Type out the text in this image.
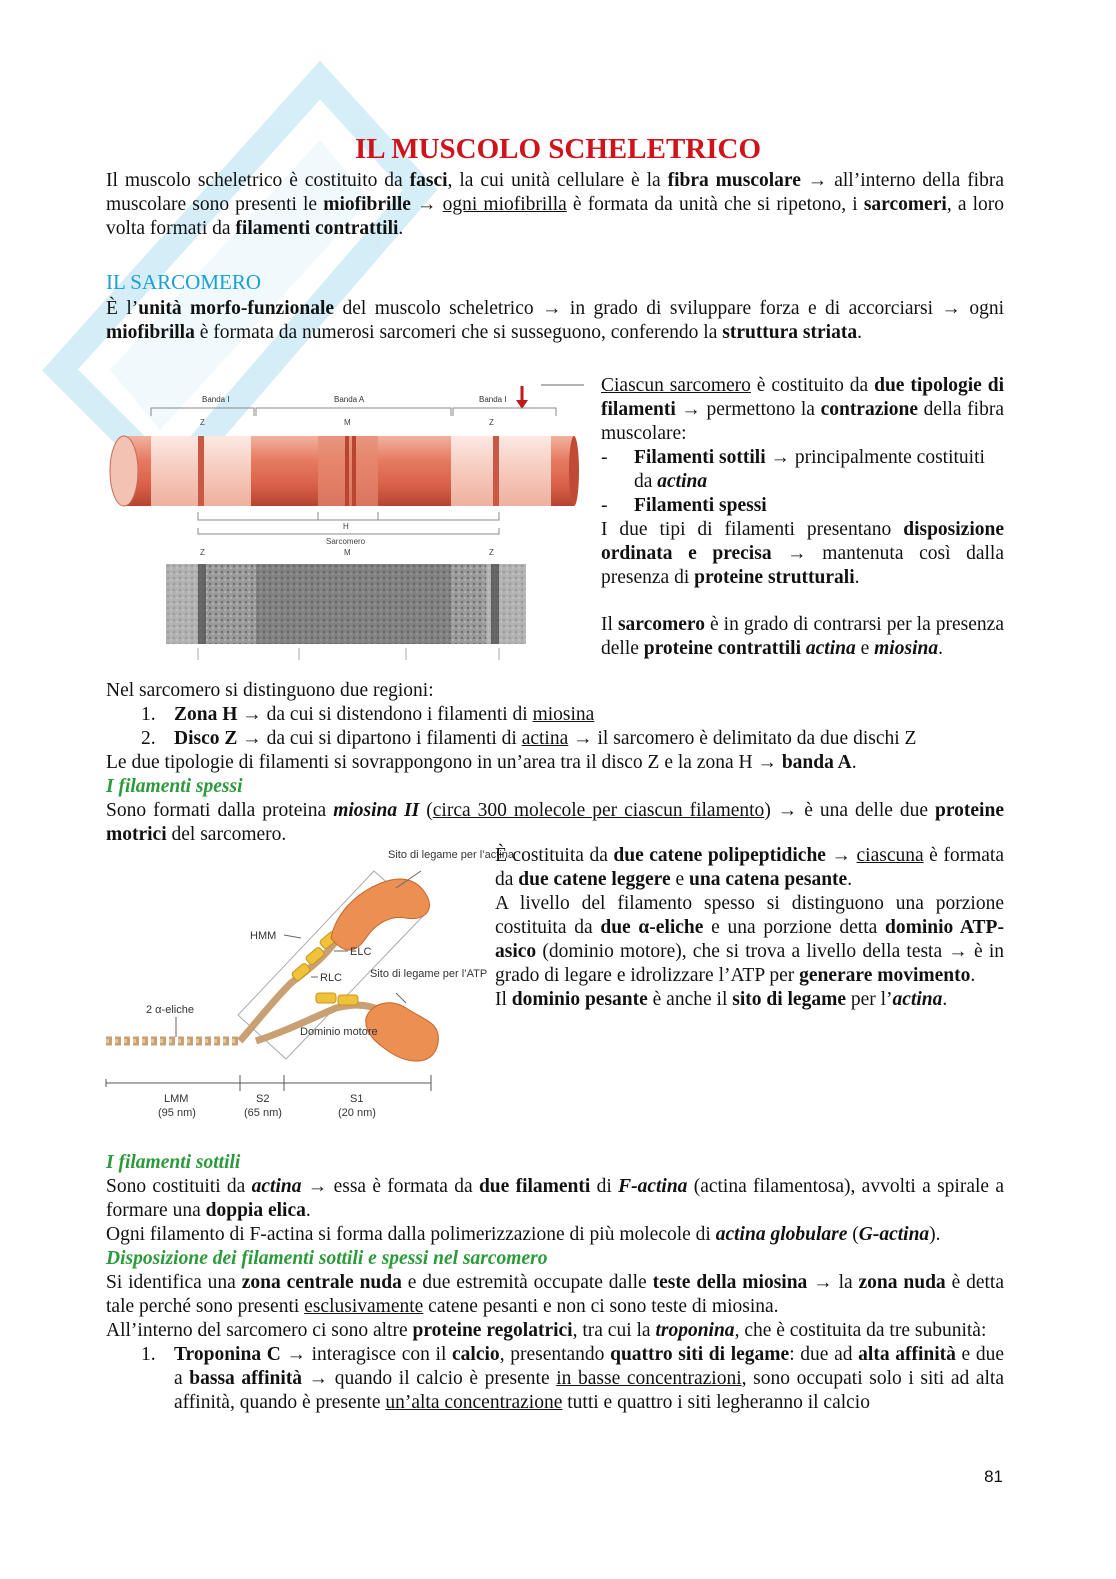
IL MUSCOLO SCHELETRICO

Il muscolo scheletrico è costituito da fasci, la cui unità cellulare è la fibra muscolare → all’interno della fibra muscolare sono presenti le miofibrille → ogni miofibrilla è formata da unità che si ripetono, i sarcomeri, a loro volta formati da filamenti contrattili.

IL SARCOMERO

È l’unità morfo-funzionale del muscolo scheletrico → in grado di sviluppare forza e di accorciarsi → ogni miofibrilla è formata da numerosi sarcomeri che si susseguono, conferendo la struttura striata.

Banda I	Banda A	Banda I
Z	M	Z
H
Sarcomero
Z	M	Z

Ciascun sarcomero è costituito da due tipologie di filamenti → permettono la contrazione della fibra muscolare:

- Filamenti sottili → principalmente costituiti da actina

- Filamenti spessi

I due tipi di filamenti presentano disposizione ordinata e precisa → mantenuta così dalla presenza di proteine strutturali.

Il sarcomero è in grado di contrarsi per la presenza delle proteine contrattili actina e miosina.

Nel sarcomero si distinguono due regioni:

1. Zona H → da cui si distendono i filamenti di miosina
2. Disco Z → da cui si dipartono i filamenti di actina → il sarcomero è delimitato da due dischi Z

Le due tipologie di filamenti si sovrappongono in un’area tra il disco Z e la zona H → banda A.

I filamenti spessi

Sono formati dalla proteina miosina II (circa 300 molecole per ciascun filamento) → è una delle due proteine motrici del sarcomero.

Sito di legame per l’actina
HMM
ELC
RLC	Sito di legame per l’ATP
2 α-eliche
Dominio motore
LMM
(95 nm)
S2
(65 nm)
S1
(20 nm)

È costituita da due catene polipeptidiche → ciascuna è formata da due catene leggere e una catena pesante.

A livello del filamento spesso si distinguono una porzione costituita da due α-eliche e una porzione detta dominio ATP-asico (dominio motore), che si trova a livello della testa → è in grado di legare e idrolizzare l’ATP per generare movimento.

Il dominio pesante è anche il sito di legame per l’actina.

I filamenti sottili

Sono costituiti da actina → essa è formata da due filamenti di F-actina (actina filamentosa), avvolti a spirale a formare una doppia elica.

Ogni filamento di F-actina si forma dalla polimerizzazione di più molecole di actina globulare (G-actina).

Disposizione dei filamenti sottili e spessi nel sarcomero

Si identifica una zona centrale nuda e due estremità occupate dalle teste della miosina → la zona nuda è detta tale perché sono presenti esclusivamente catene pesanti e non ci sono teste di miosina.

All’interno del sarcomero ci sono altre proteine regolatrici, tra cui la troponina, che è costituita da tre subunità:

1. Troponina C → interagisce con il calcio, presentando quattro siti di legame: due ad alta affinità e due a bassa affinità → quando il calcio è presente in basse concentrazioni, sono occupati solo i siti ad alta affinità, quando è presente un’alta concentrazione tutti e quattro i siti legheranno il calcio
81
